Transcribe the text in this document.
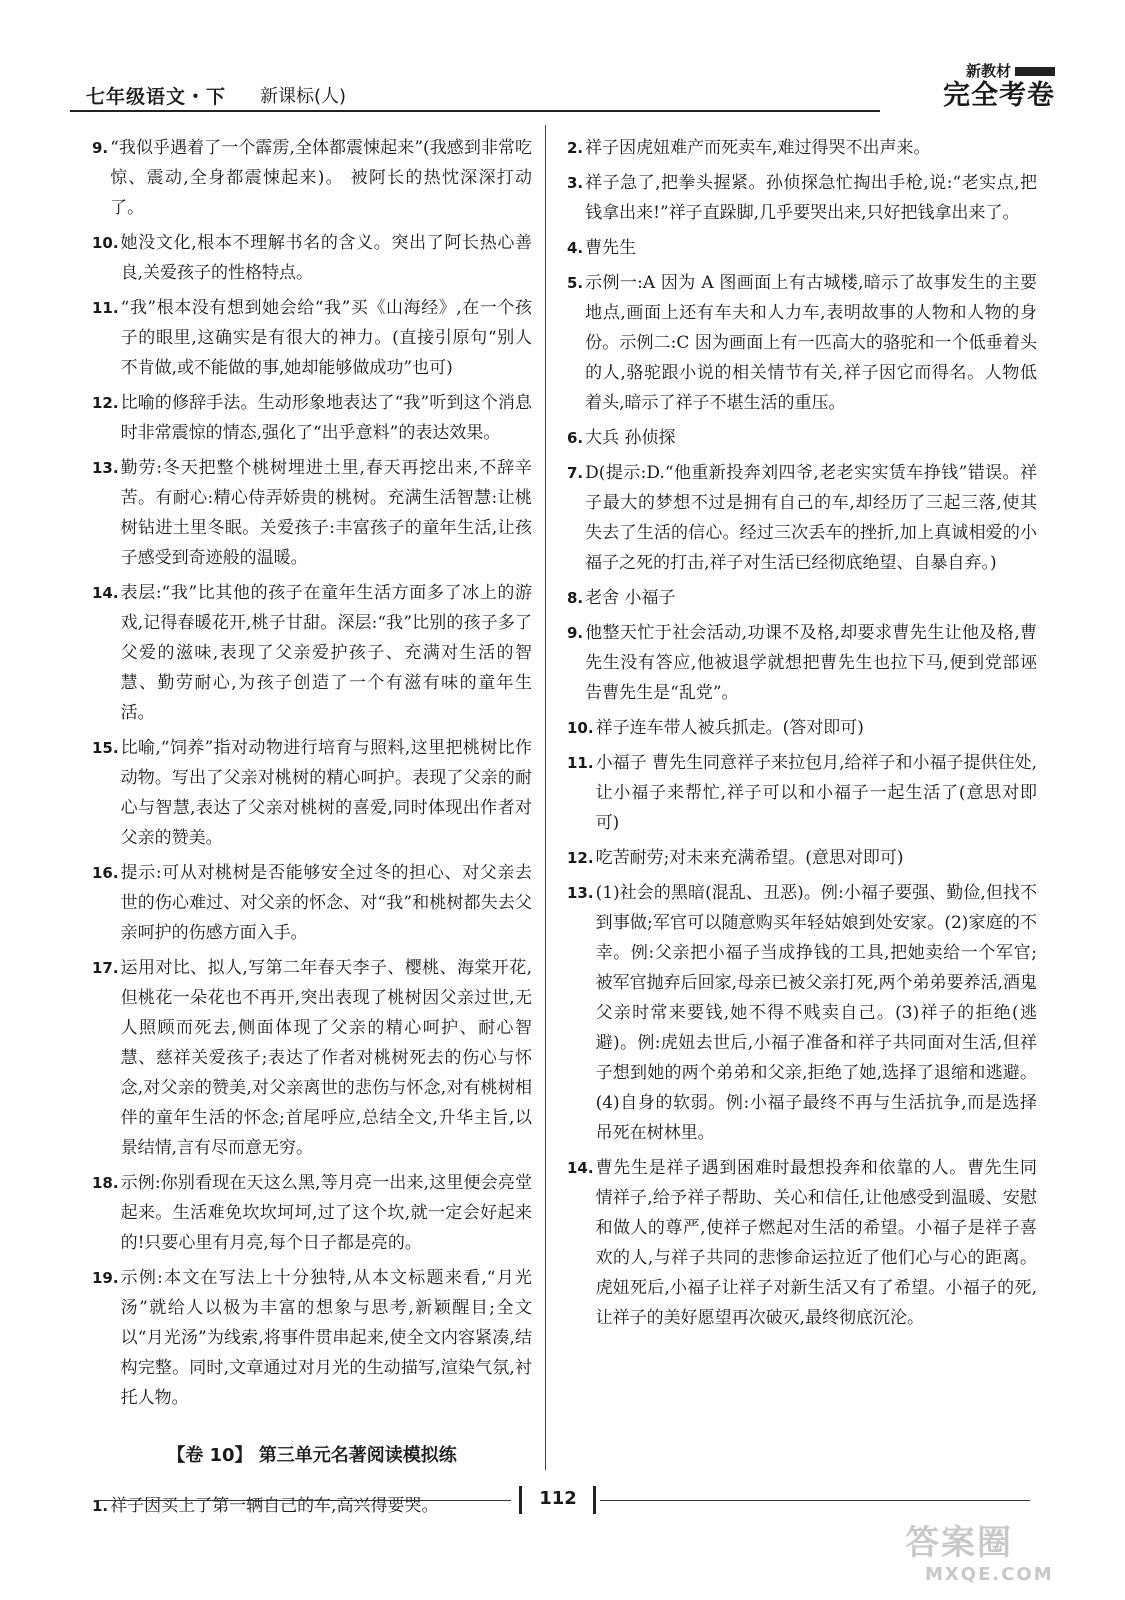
七年级语文・下 新课标(人)
新教材
完全考卷
9. “我似乎遇着了一个霹雳,全体都震悚起来”(我感到非常吃惊、震动,全身都震悚起来)。 被阿长的热忱深深打动了。
10. 她没文化,根本不理解书名的含义。突出了阿长热心善良,关爱孩子的性格特点。
11. “我”根本没有想到她会给“我”买《山海经》,在一个孩子的眼里,这确实是有很大的神力。(直接引原句“别人不肯做,或不能做的事,她却能够做成功”也可)
12. 比喻的修辞手法。生动形象地表达了“我”听到这个消息时非常震惊的情态,强化了“出乎意料”的表达效果。
13. 勤劳:冬天把整个桃树埋进土里,春天再挖出来,不辞辛苦。有耐心:精心侍弄娇贵的桃树。充满生活智慧:让桃树钻进土里冬眠。关爱孩子:丰富孩子的童年生活,让孩子感受到奇迹般的温暖。
14. 表层:“我”比其他的孩子在童年生活方面多了冰上的游戏,记得春暖花开,桃子甘甜。深层:“我”比别的孩子多了父爱的滋味,表现了父亲爱护孩子、充满对生活的智慧、勤劳耐心,为孩子创造了一个有滋有味的童年生活。
15. 比喻,“饲养”指对动物进行培育与照料,这里把桃树比作动物。写出了父亲对桃树的精心呵护。表现了父亲的耐心与智慧,表达了父亲对桃树的喜爱,同时体现出作者对父亲的赞美。
16. 提示:可从对桃树是否能够安全过冬的担心、对父亲去世的伤心难过、对父亲的怀念、对“我”和桃树都失去父亲呵护的伤感方面入手。
17. 运用对比、拟人,写第二年春天李子、樱桃、海棠开花,但桃花一朵花也不再开,突出表现了桃树因父亲过世,无人照顾而死去,侧面体现了父亲的精心呵护、耐心智慧、慈祥关爱孩子;表达了作者对桃树死去的伤心与怀念,对父亲的赞美,对父亲离世的悲伤与怀念,对有桃树相伴的童年生活的怀念;首尾呼应,总结全文,升华主旨,以景结情,言有尽而意无穷。
18. 示例:你别看现在天这么黑,等月亮一出来,这里便会亮堂起来。生活难免坎坎坷坷,过了这个坎,就一定会好起来的!只要心里有月亮,每个日子都是亮的。
19. 示例:本文在写法上十分独特,从本文标题来看,“月光汤”就给人以极为丰富的想象与思考,新颖醒目;全文以“月光汤”为线索,将事件贯串起来,使全文内容紧凑,结构完整。同时,文章通过对月光的生动描写,渲染气氛,衬托人物。
【卷 10】 第三单元名著阅读模拟练
1. 祥子因买上了第一辆自己的车,高兴得要哭。
2. 祥子因虎妞难产而死卖车,难过得哭不出声来。
3. 祥子急了,把拳头握紧。孙侦探急忙掏出手枪,说:“老实点,把钱拿出来!”祥子直跺脚,几乎要哭出来,只好把钱拿出来了。
4. 曹先生
5. 示例一:A 因为 A 图画面上有古城楼,暗示了故事发生的主要地点,画面上还有车夫和人力车,表明故事的人物和人物的身份。示例二:C 因为画面上有一匹高大的骆驼和一个低垂着头的人,骆驼跟小说的相关情节有关,祥子因它而得名。人物低着头,暗示了祥子不堪生活的重压。
6. 大兵 孙侦探
7. D(提示:D.“他重新投奔刘四爷,老老实实赁车挣钱”错误。祥子最大的梦想不过是拥有自己的车,却经历了三起三落,使其失去了生活的信心。经过三次丢车的挫折,加上真诚相爱的小福子之死的打击,祥子对生活已经彻底绝望、自暴自弃。)
8. 老舍 小福子
9. 他整天忙于社会活动,功课不及格,却要求曹先生让他及格,曹先生没有答应,他被退学就想把曹先生也拉下马,便到党部诬告曹先生是“乱党”。
10. 祥子连车带人被兵抓走。(答对即可)
11. 小福子 曹先生同意祥子来拉包月,给祥子和小福子提供住处,让小福子来帮忙,祥子可以和小福子一起生活了(意思对即可)
12. 吃苦耐劳;对未来充满希望。(意思对即可)
13. (1)社会的黑暗(混乱、丑恶)。例:小福子要强、勤俭,但找不到事做;军官可以随意购买年轻姑娘到处安家。(2)家庭的不幸。例:父亲把小福子当成挣钱的工具,把她卖给一个军官;被军官抛弃后回家,母亲已被父亲打死,两个弟弟要养活,酒鬼父亲时常来要钱,她不得不贱卖自己。(3)祥子的拒绝(逃避)。例:虎妞去世后,小福子准备和祥子共同面对生活,但祥子想到她的两个弟弟和父亲,拒绝了她,选择了退缩和逃避。(4)自身的软弱。例:小福子最终不再与生活抗争,而是选择吊死在树林里。
14. 曹先生是祥子遇到困难时最想投奔和依靠的人。曹先生同情祥子,给予祥子帮助、关心和信任,让他感受到温暖、安慰和做人的尊严,使祥子燃起对生活的希望。小福子是祥子喜欢的人,与祥子共同的悲惨命运拉近了他们心与心的距离。虎妞死后,小福子让祥子对新生活又有了希望。小福子的死,让祥子的美好愿望再次破灭,最终彻底沉沦。
112
答案圈
MXQE.COM
